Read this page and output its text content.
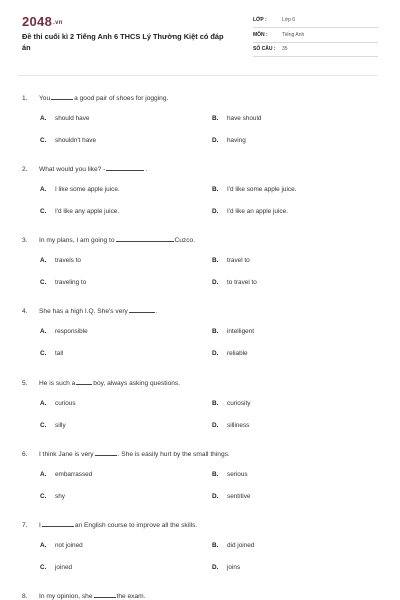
2048.vn
Đề thi cuối kì 2 Tiếng Anh 6 THCS Lý Thường Kiệt có đáp án
LỚP :	Lớp 6
MÔN :	Tiếng Anh
SỐ CÂU : 35
1. You	a good pair of shoes for jogging.
A. should have	B. have should
C. shouldn't have	D. having
2. What would you like? -	.
A. I like some apple juice.	B. I'd like some apple juice.
C. I'd like any apple juice.	D. I'd like an apple juice.
3. In my plans, I am going to	Cuzco.
A. travels to	B. travel to
C. traveling to	D. to travel to
4. She has a high I.Q. She's very	.
A. responsible	B. intelligent
C. tall	D. reliable
5. He is such a	boy, always asking questions.
A. curious	B. curiosity
C. silly	D. silliness
6. I think Jane is very	. She is easily hurt by the small things.
A. embarrassed	B. serious
C. shy	D. sentitive
7. I	an English course to improve all the skills.
A. not joined	B. did joined
C. joined	D. joins
8. In my opinion, she	the exam.
